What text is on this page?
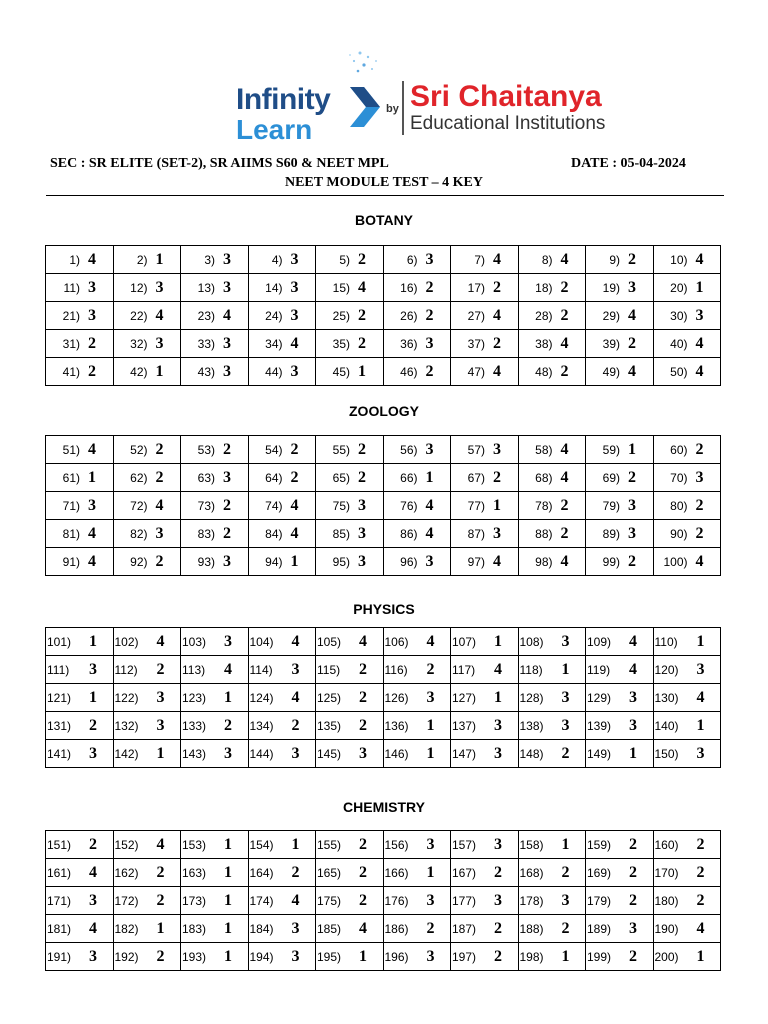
Infinity
Learn
by Sri Chaitanya
Educational Institutions
SEC : SR ELITE (SET-2), SR AIIMS S60 & NEET MPL	DATE : 05-04-2024
NEET MODULE TEST – 4 KEY
BOTANY
1) 4	2) 1	3) 3	4) 3	5) 2	6) 3	7) 4	8) 4	9) 2	10) 4
11) 3	12) 3	13) 3	14) 3	15) 4	16) 2	17) 2	18) 2	19) 3	20) 1
21) 3	22) 4	23) 4	24) 3	25) 2	26) 2	27) 4	28) 2	29) 4	30) 3
31) 2	32) 3	33) 3	34) 4	35) 2	36) 3	37) 2	38) 4	39) 2	40) 4
41) 2	42) 1	43) 3	44) 3	45) 1	46) 2	47) 4	48) 2	49) 4	50) 4
ZOOLOGY
51) 4	52) 2	53) 2	54) 2	55) 2	56) 3	57) 3	58) 4	59) 1	60) 2
61) 1	62) 2	63) 3	64) 2	65) 2	66) 1	67) 2	68) 4	69) 2	70) 3
71) 3	72) 4	73) 2	74) 4	75) 3	76) 4	77) 1	78) 2	79) 3	80) 2
81) 4	82) 3	83) 2	84) 4	85) 3	86) 4	87) 3	88) 2	89) 3	90) 2
91) 4	92) 2	93) 3	94) 1	95) 3	96) 3	97) 4	98) 4	99) 2	100) 4
PHYSICS
101) 1	102) 4	103) 3	104) 4	105) 4	106) 4	107) 1	108) 3	109) 4	110) 1
111) 3	112) 2	113) 4	114) 3	115) 2	116) 2	117) 4	118) 1	119) 4	120) 3
121) 1	122) 3	123) 1	124) 4	125) 2	126) 3	127) 1	128) 3	129) 3	130) 4
131) 2	132) 3	133) 2	134) 2	135) 2	136) 1	137) 3	138) 3	139) 3	140) 1
141) 3	142) 1	143) 3	144) 3	145) 3	146) 1	147) 3	148) 2	149) 1	150) 3
CHEMISTRY
151) 2	152) 4	153) 1	154) 1	155) 2	156) 3	157) 3	158) 1	159) 2	160) 2
161) 4	162) 2	163) 1	164) 2	165) 2	166) 1	167) 2	168) 2	169) 2	170) 2
171) 3	172) 2	173) 1	174) 4	175) 2	176) 3	177) 3	178) 3	179) 2	180) 2
181) 4	182) 1	183) 1	184) 3	185) 4	186) 2	187) 2	188) 2	189) 3	190) 4
191) 3	192) 2	193) 1	194) 3	195) 1	196) 3	197) 2	198) 1	199) 2	200) 1
